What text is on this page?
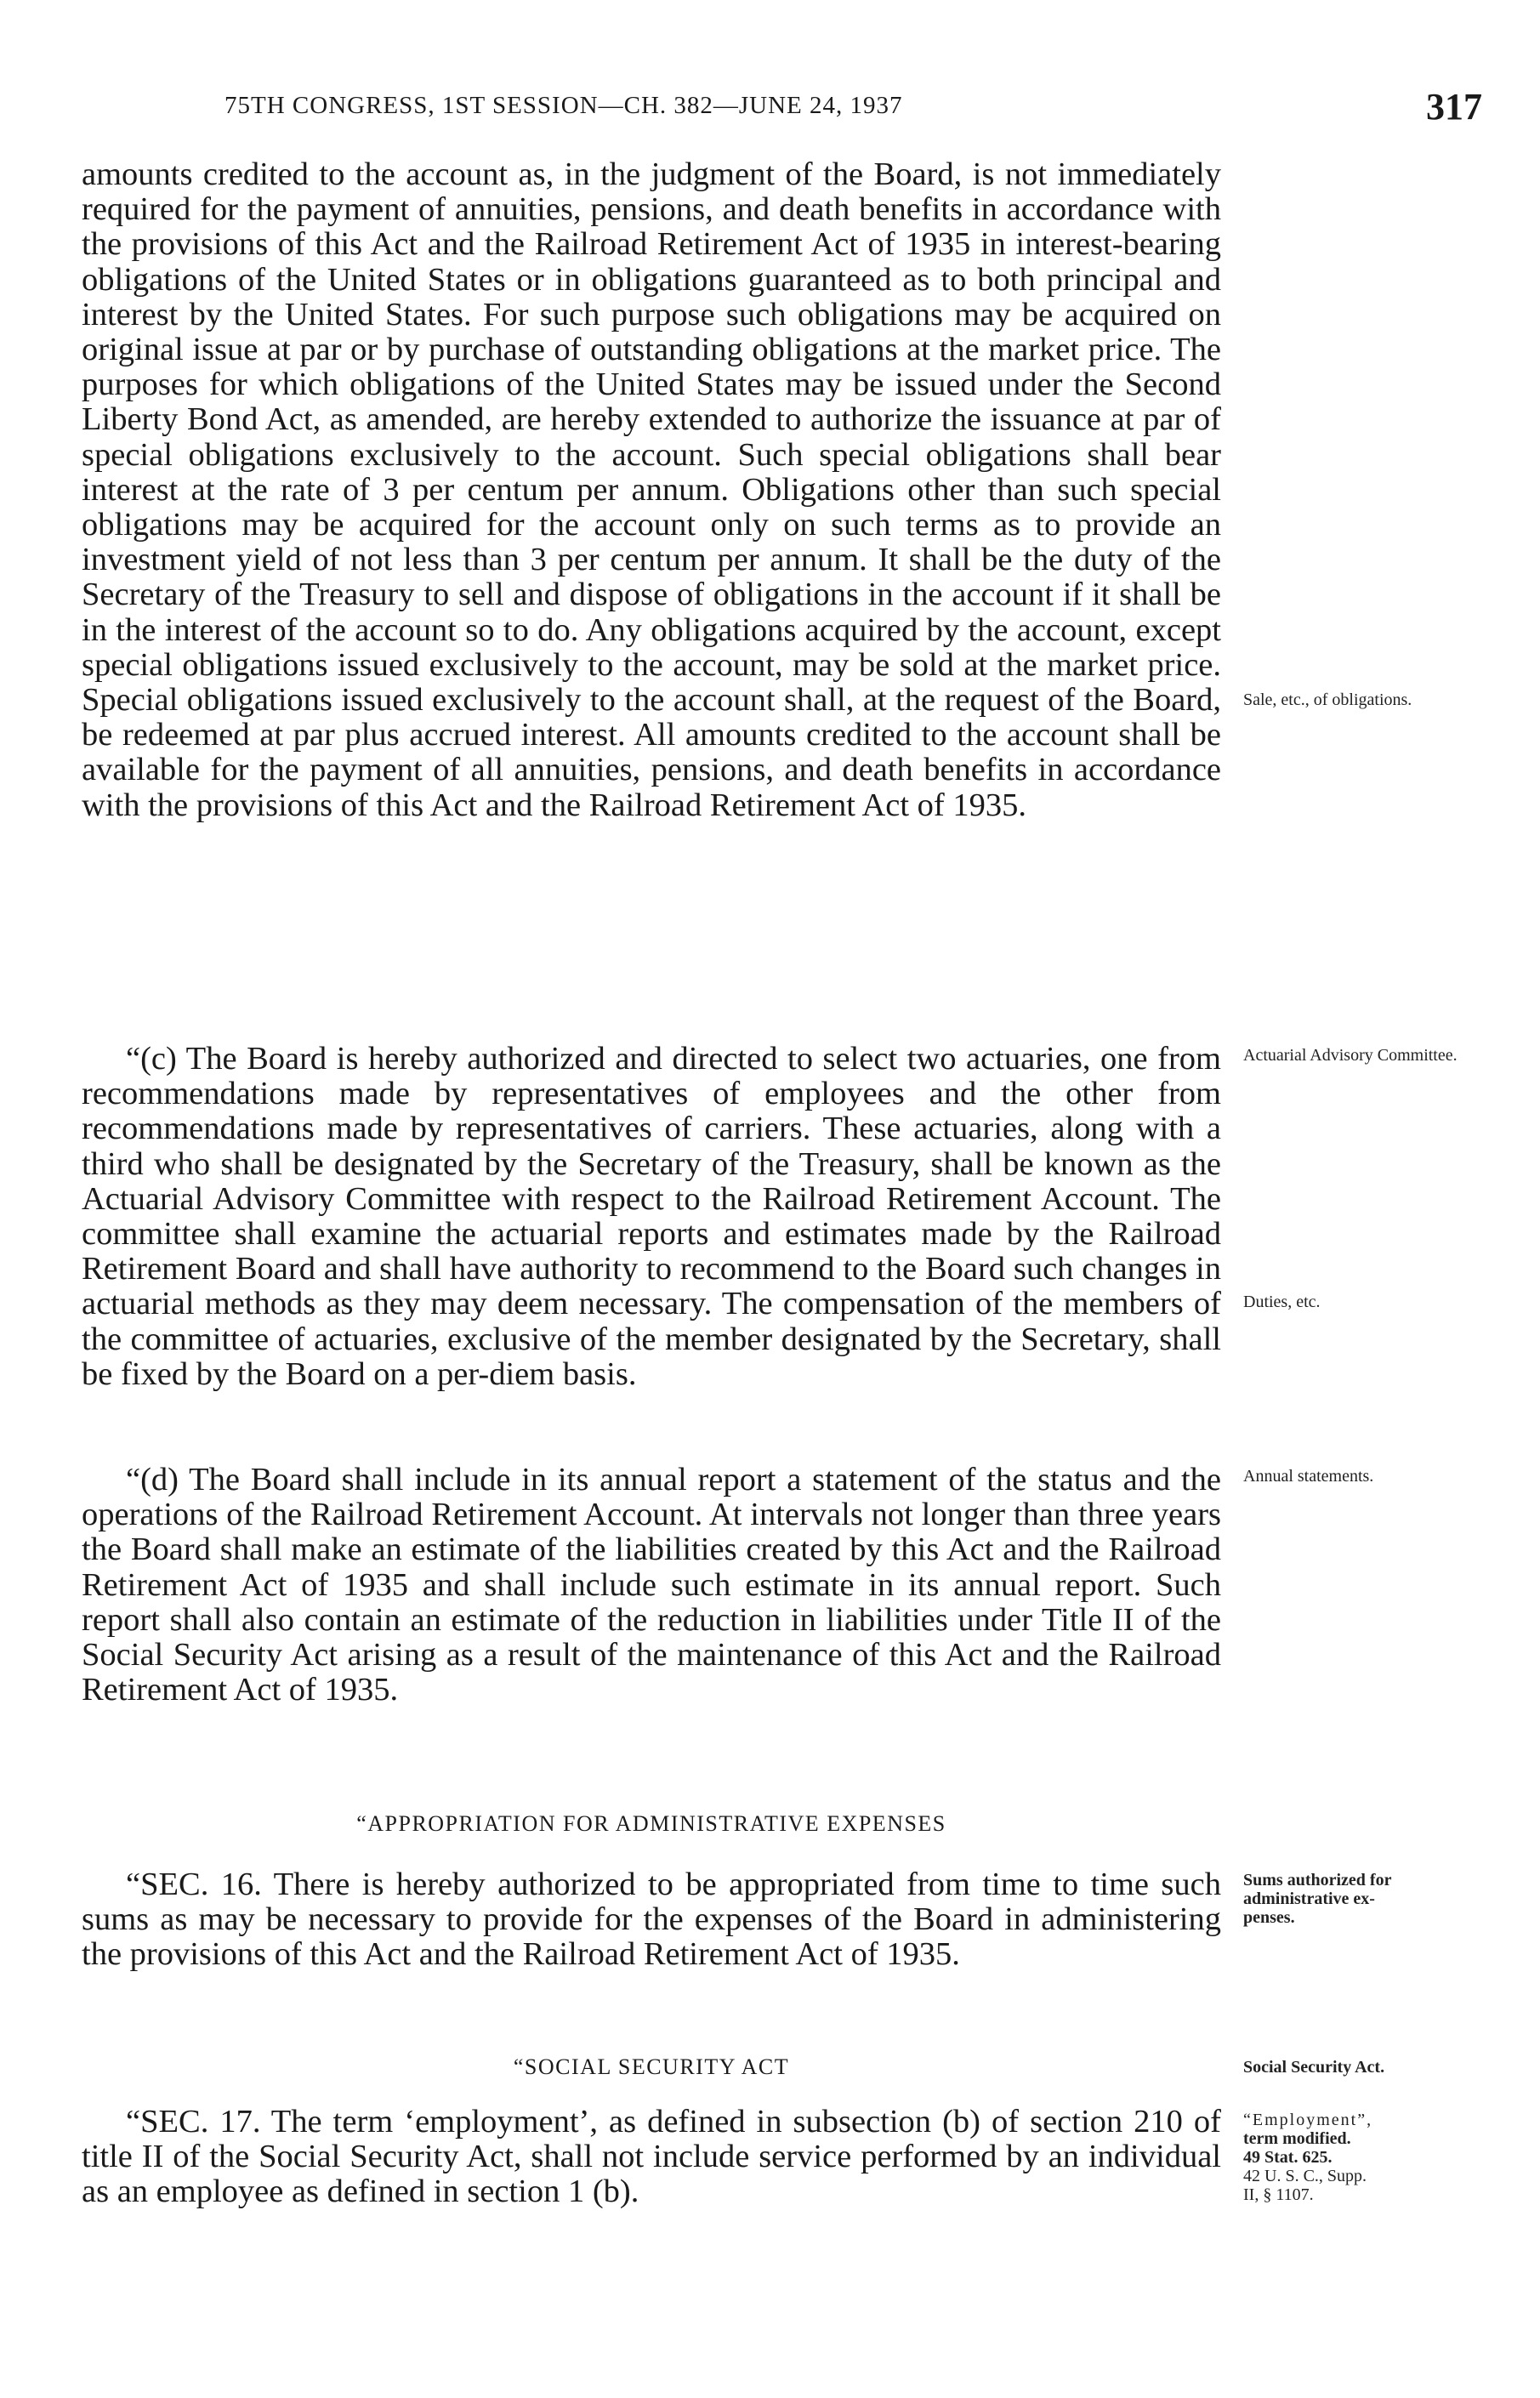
75TH CONGRESS, 1ST SESSION—CH. 382—JUNE 24, 1937	317

amounts credited to the account as, in the judgment of the Board, is not immediately required for the payment of annuities, pensions, and death benefits in accordance with the provisions of this Act and the Railroad Retirement Act of 1935 in interest-bearing obligations of the United States or in obligations guaranteed as to both principal and interest by the United States. For such purpose such obligations may be acquired on original issue at par or by purchase of outstanding obligations at the market price. The purposes for which obligations of the United States may be issued under the Second Liberty Bond Act, as amended, are hereby extended to authorize the issuance at par of special obligations exclusively to the account. Such special obligations shall bear interest at the rate of 3 per centum per annum. Obligations other than such special obligations may be acquired for the account only on such terms as to provide an investment yield of not less than 3 per centum per annum. It shall be the duty of the Secretary of the Treasury to sell and dispose of obligations in the account if it shall be in the interest of the account so to do. Any obligations acquired by the account, except special obligations issued exclusively to the account, may be sold at the market price. Special obligations issued exclusively to the account shall, at the request of the Board, be redeemed at par plus accrued interest. All amounts credited to the account shall be available for the payment of all annuities, pensions, and death benefits in accordance with the provisions of this Act and the Railroad Retirement Act of 1935.

“(c) The Board is hereby authorized and directed to select two actuaries, one from recommendations made by representatives of employees and the other from recommendations made by representatives of carriers. These actuaries, along with a third who shall be designated by the Secretary of the Treasury, shall be known as the Actuarial Advisory Committee with respect to the Railroad Retirement Account. The committee shall examine the actuarial reports and estimates made by the Railroad Retirement Board and shall have authority to recommend to the Board such changes in actuarial methods as they may deem necessary. The compensation of the members of the committee of actuaries, exclusive of the member designated by the Secretary, shall be fixed by the Board on a per-diem basis.

“(d) The Board shall include in its annual report a statement of the status and the operations of the Railroad Retirement Account. At intervals not longer than three years the Board shall make an estimate of the liabilities created by this Act and the Railroad Retirement Act of 1935 and shall include such estimate in its annual report. Such report shall also contain an estimate of the reduction in liabilities under Title II of the Social Security Act arising as a result of the maintenance of this Act and the Railroad Retirement Act of 1935.

“APPROPRIATION FOR ADMINISTRATIVE EXPENSES

“SEC. 16. There is hereby authorized to be appropriated from time to time such sums as may be necessary to provide for the expenses of the Board in administering the provisions of this Act and the Railroad Retirement Act of 1935.

“SOCIAL SECURITY ACT

“SEC. 17. The term ‘employment’, as defined in subsection (b) of section 210 of title II of the Social Security Act, shall not include service performed by an individual as an employee as defined in section 1 (b).

Sale, etc., of obligations.
Actuarial Advisory Committee.
Duties, etc.
Annual statements.
Sums authorized for
administrative ex-
penses.
Social Security Act.
“Employment”,
term modified.
49 Stat. 625.
42 U. S. C., Supp.
II, § 1107.
